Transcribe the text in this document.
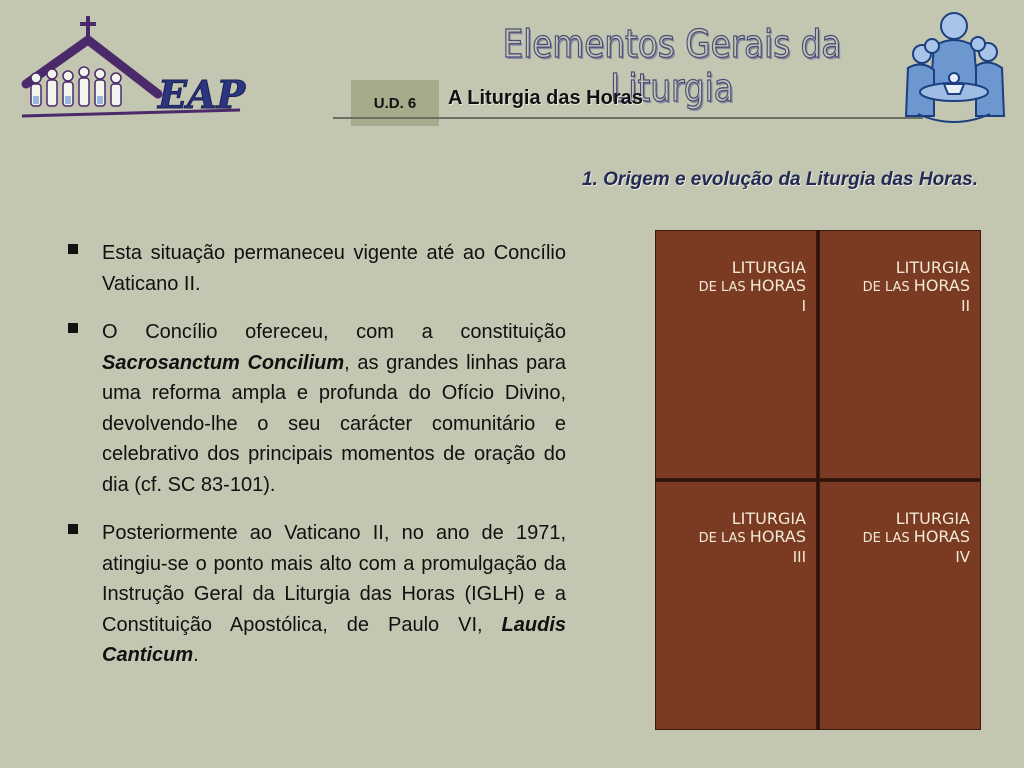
EAP
Elementos Gerais da Liturgia
U.D. 6	A Liturgia das Horas
1. Origem e evolução da Liturgia das Horas.

Esta situação permaneceu vigente até ao Concílio Vaticano II.

O Concílio ofereceu, com a constituição Sacrosanctum Concilium, as grandes linhas para uma reforma ampla e profunda do Ofício Divino, devolvendo-lhe o seu carácter comunitário e celebrativo dos principais momentos de oração do dia (cf. SC 83-101).

Posteriormente ao Vaticano II, no ano de 1971, atingiu-se o ponto mais alto com a promulgação da Instrução Geral da Liturgia das Horas (IGLH) e a Constituição Apostólica, de Paulo VI, Laudis Canticum.

LITURGIA
DE LAS HORAS
I
LITURGIA
DE LAS HORAS
II
LITURGIA
DE LAS HORAS
III
LITURGIA
DE LAS HORAS
IV
